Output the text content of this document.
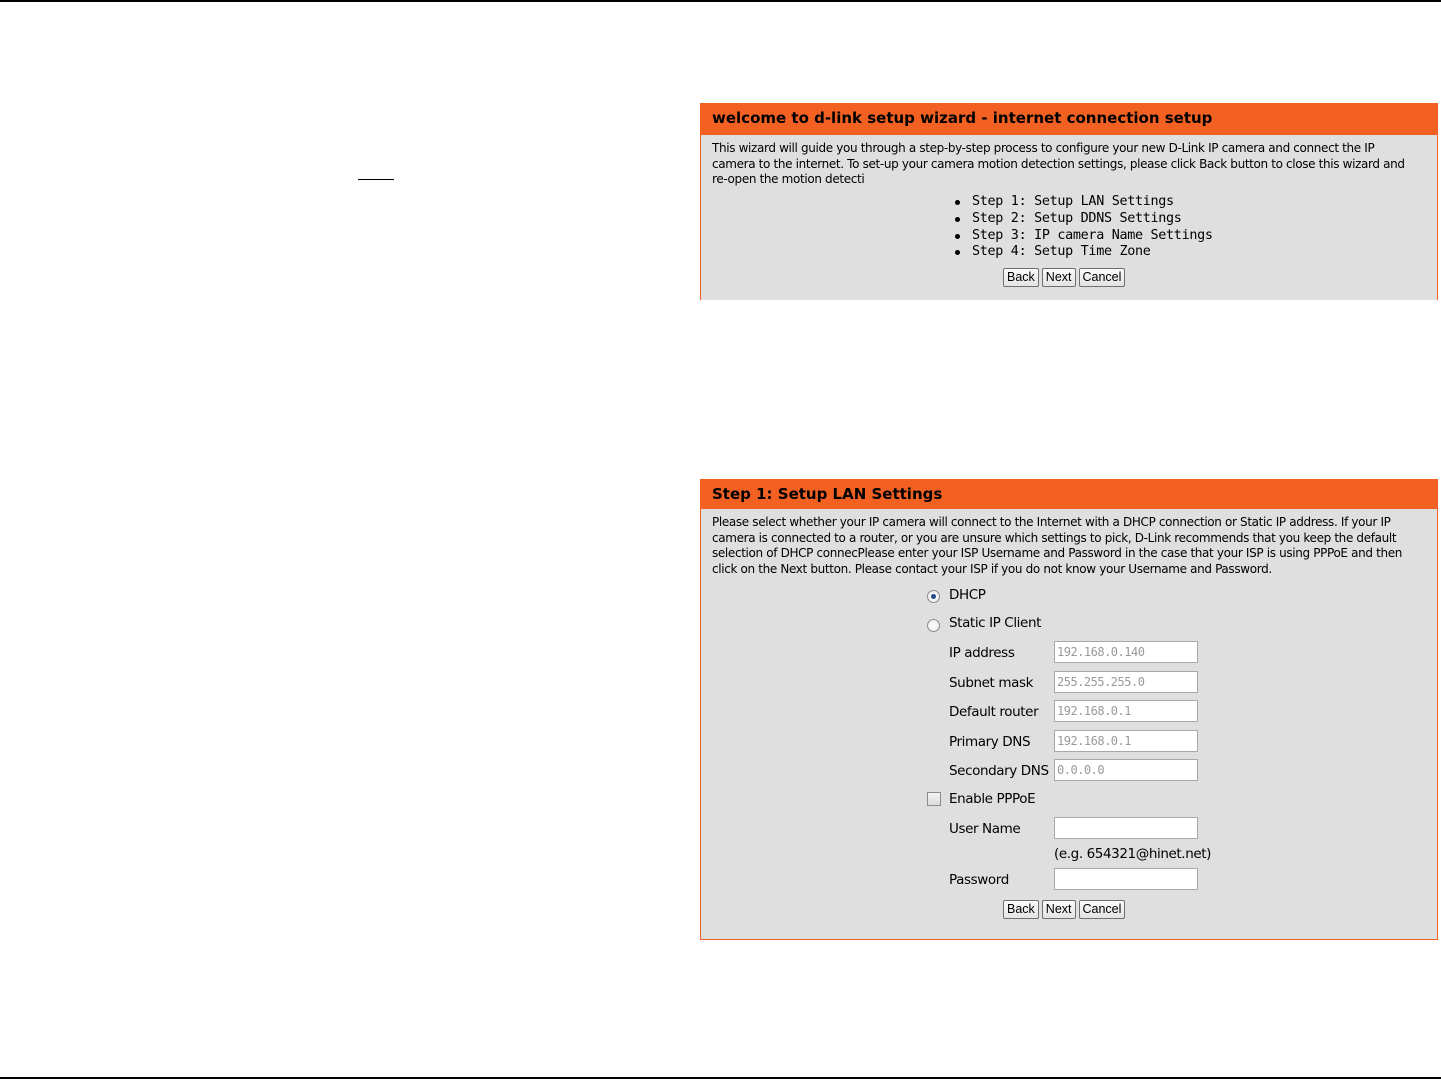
welcome to d-link setup wizard - internet connection setup
This wizard will guide you through a step-by-step process to configure your new D-Link IP camera and connect the IP camera to the internet. To set-up your camera motion detection settings, please click Back button to close this wizard and re-open the motion detecti
Step 1: Setup LAN Settings
Step 2: Setup DDNS Settings
Step 3: IP camera Name Settings
Step 4: Setup Time Zone
Back Next Cancel
Step 1: Setup LAN Settings
Please select whether your IP camera will connect to the Internet with a DHCP connection or Static IP address. If your IP camera is connected to a router, or you are unsure which settings to pick, D-Link recommends that you keep the default selection of DHCP connecPlease enter your ISP Username and Password in the case that your ISP is using PPPoE and then click on the Next button. Please contact your ISP if you do not know your Username and Password.
DHCP
Static IP Client
IP address	192.168.0.140
Subnet mask 255.255.255.0
Default router 192.168.0.1
Primary DNS 192.168.0.1
Secondary DNS 0.0.0.0
Enable PPPoE
User Name
(e.g. 654321@hinet.net)
Password
Back Next Cancel
